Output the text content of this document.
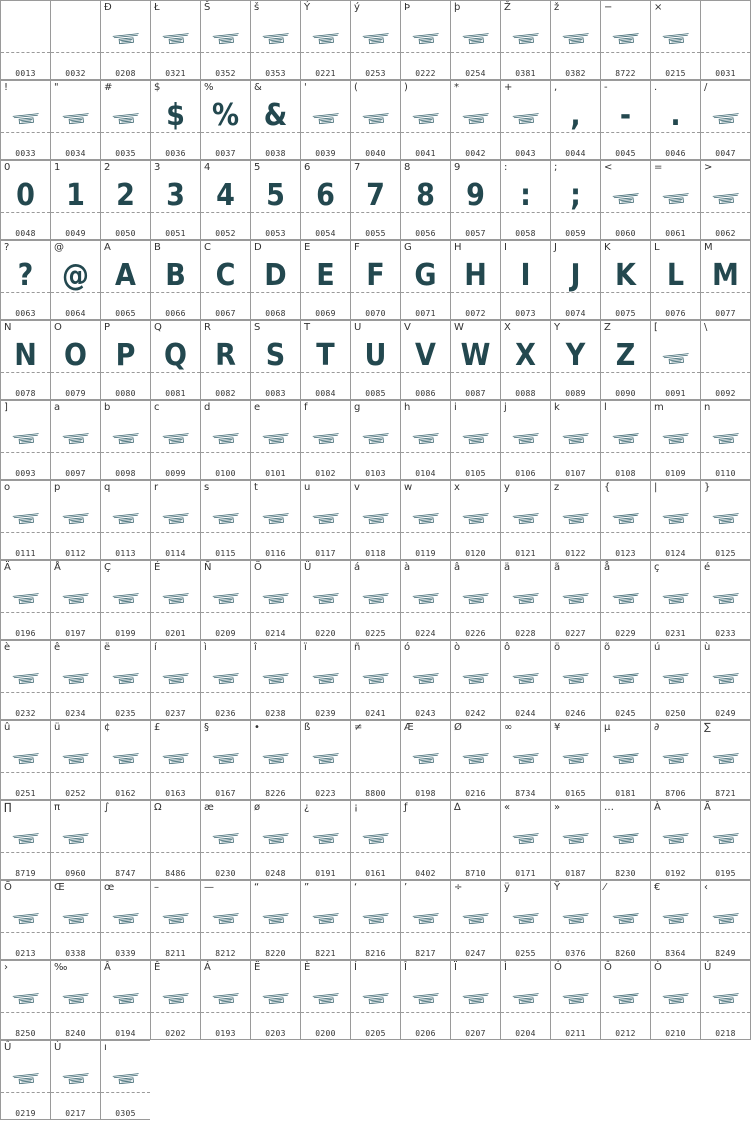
0013	0032
Đ
0208
Ł
0321
Š
0352
š
0353
Ý
0221
ý
0253
Þ
0222
þ
0254
Ž
0381
ž
0382
−
8722
×
0215	0031
!
0033
"
0034
#
0035
$
$
0036
%
%
0037
&
&
0038
'
0039
(
0040
)
0041
*
0042
+
0043
,
,
0044
-
-
0045
.
.
0046
/
0047
0
0
0048
1
1
0049
2
2
0050
3
3
0051
4
4
0052
5
5
0053
6
6
0054
7
7
0055
8
8
0056
9
9
0057
:
:
0058
;
;
0059
<
0060
=
0061
>
0062
?
?
0063
@
@
0064
A
A
0065
B
B
0066
C
C
0067
D
D
0068
E
E
0069
F
F
0070
G
G
0071
H
H
0072
I
I
0073
J
J
0074
K
K
0075
L
L
0076
M
M
0077
N
N
0078
O
O
0079
P
P
0080
Q
Q
0081
R
R
0082
S
S
0083
T
T
0084
U
U
0085
V
V
0086
W
W
0087
X
X
0088
Y
Y
0089
Z
Z
0090
[
0091
\
0092
]
0093
a
0097
b
0098
c
0099
d
0100
e
0101
f
0102
g
0103
h
0104
i
0105
j
0106
k
0107
l
0108
m
0109
n
0110
o
0111
p
0112
q
0113
r
0114
s
0115
t
0116
u
0117
v
0118
w
0119
x
0120
y
0121
z
0122
{
0123
|
0124
}
0125
Ä
0196
Å
0197
Ç
0199
É
0201
Ñ
0209
Ö
0214
Ü
0220
á
0225
à
0224
â
0226
ä
0228
ã
0227
å
0229
ç
0231
é
0233
è
0232
ê
0234
ë
0235
í
0237
ì
0236
î
0238
ï
0239
ñ
0241
ó
0243
ò
0242
ô
0244
ö
0246
õ
0245
ú
0250
ù
0249
û
0251
ü
0252
¢
0162
£
0163
§
0167
•
8226
ß
0223
≠
8800
Æ
0198
Ø
0216
∞
8734
¥
0165
µ
0181
∂
8706
∑
8721
∏
8719
π
0960
∫
8747
Ω
8486
æ
0230
ø
0248
¿
0191
¡
0161
ƒ
0402
∆
8710
«
0171
»
0187
…
8230
À
0192
Ã
0195
Õ
0213
Œ
0338
œ
0339
–
8211
—
8212
“
8220
”
8221
‘
8216
’
8217
÷
0247
ÿ
0255
Ÿ
0376
⁄
8260
€
8364
‹
8249
›
8250
‰
8240
Â
0194
Ê
0202
Á
0193
Ë
0203
È
0200
Í
0205
Î
0206
Ï
0207
Ì
0204
Ó
0211
Ô
0212
Ò
0210
Ú
0218
Û
0219
Ù
0217
ı
0305
